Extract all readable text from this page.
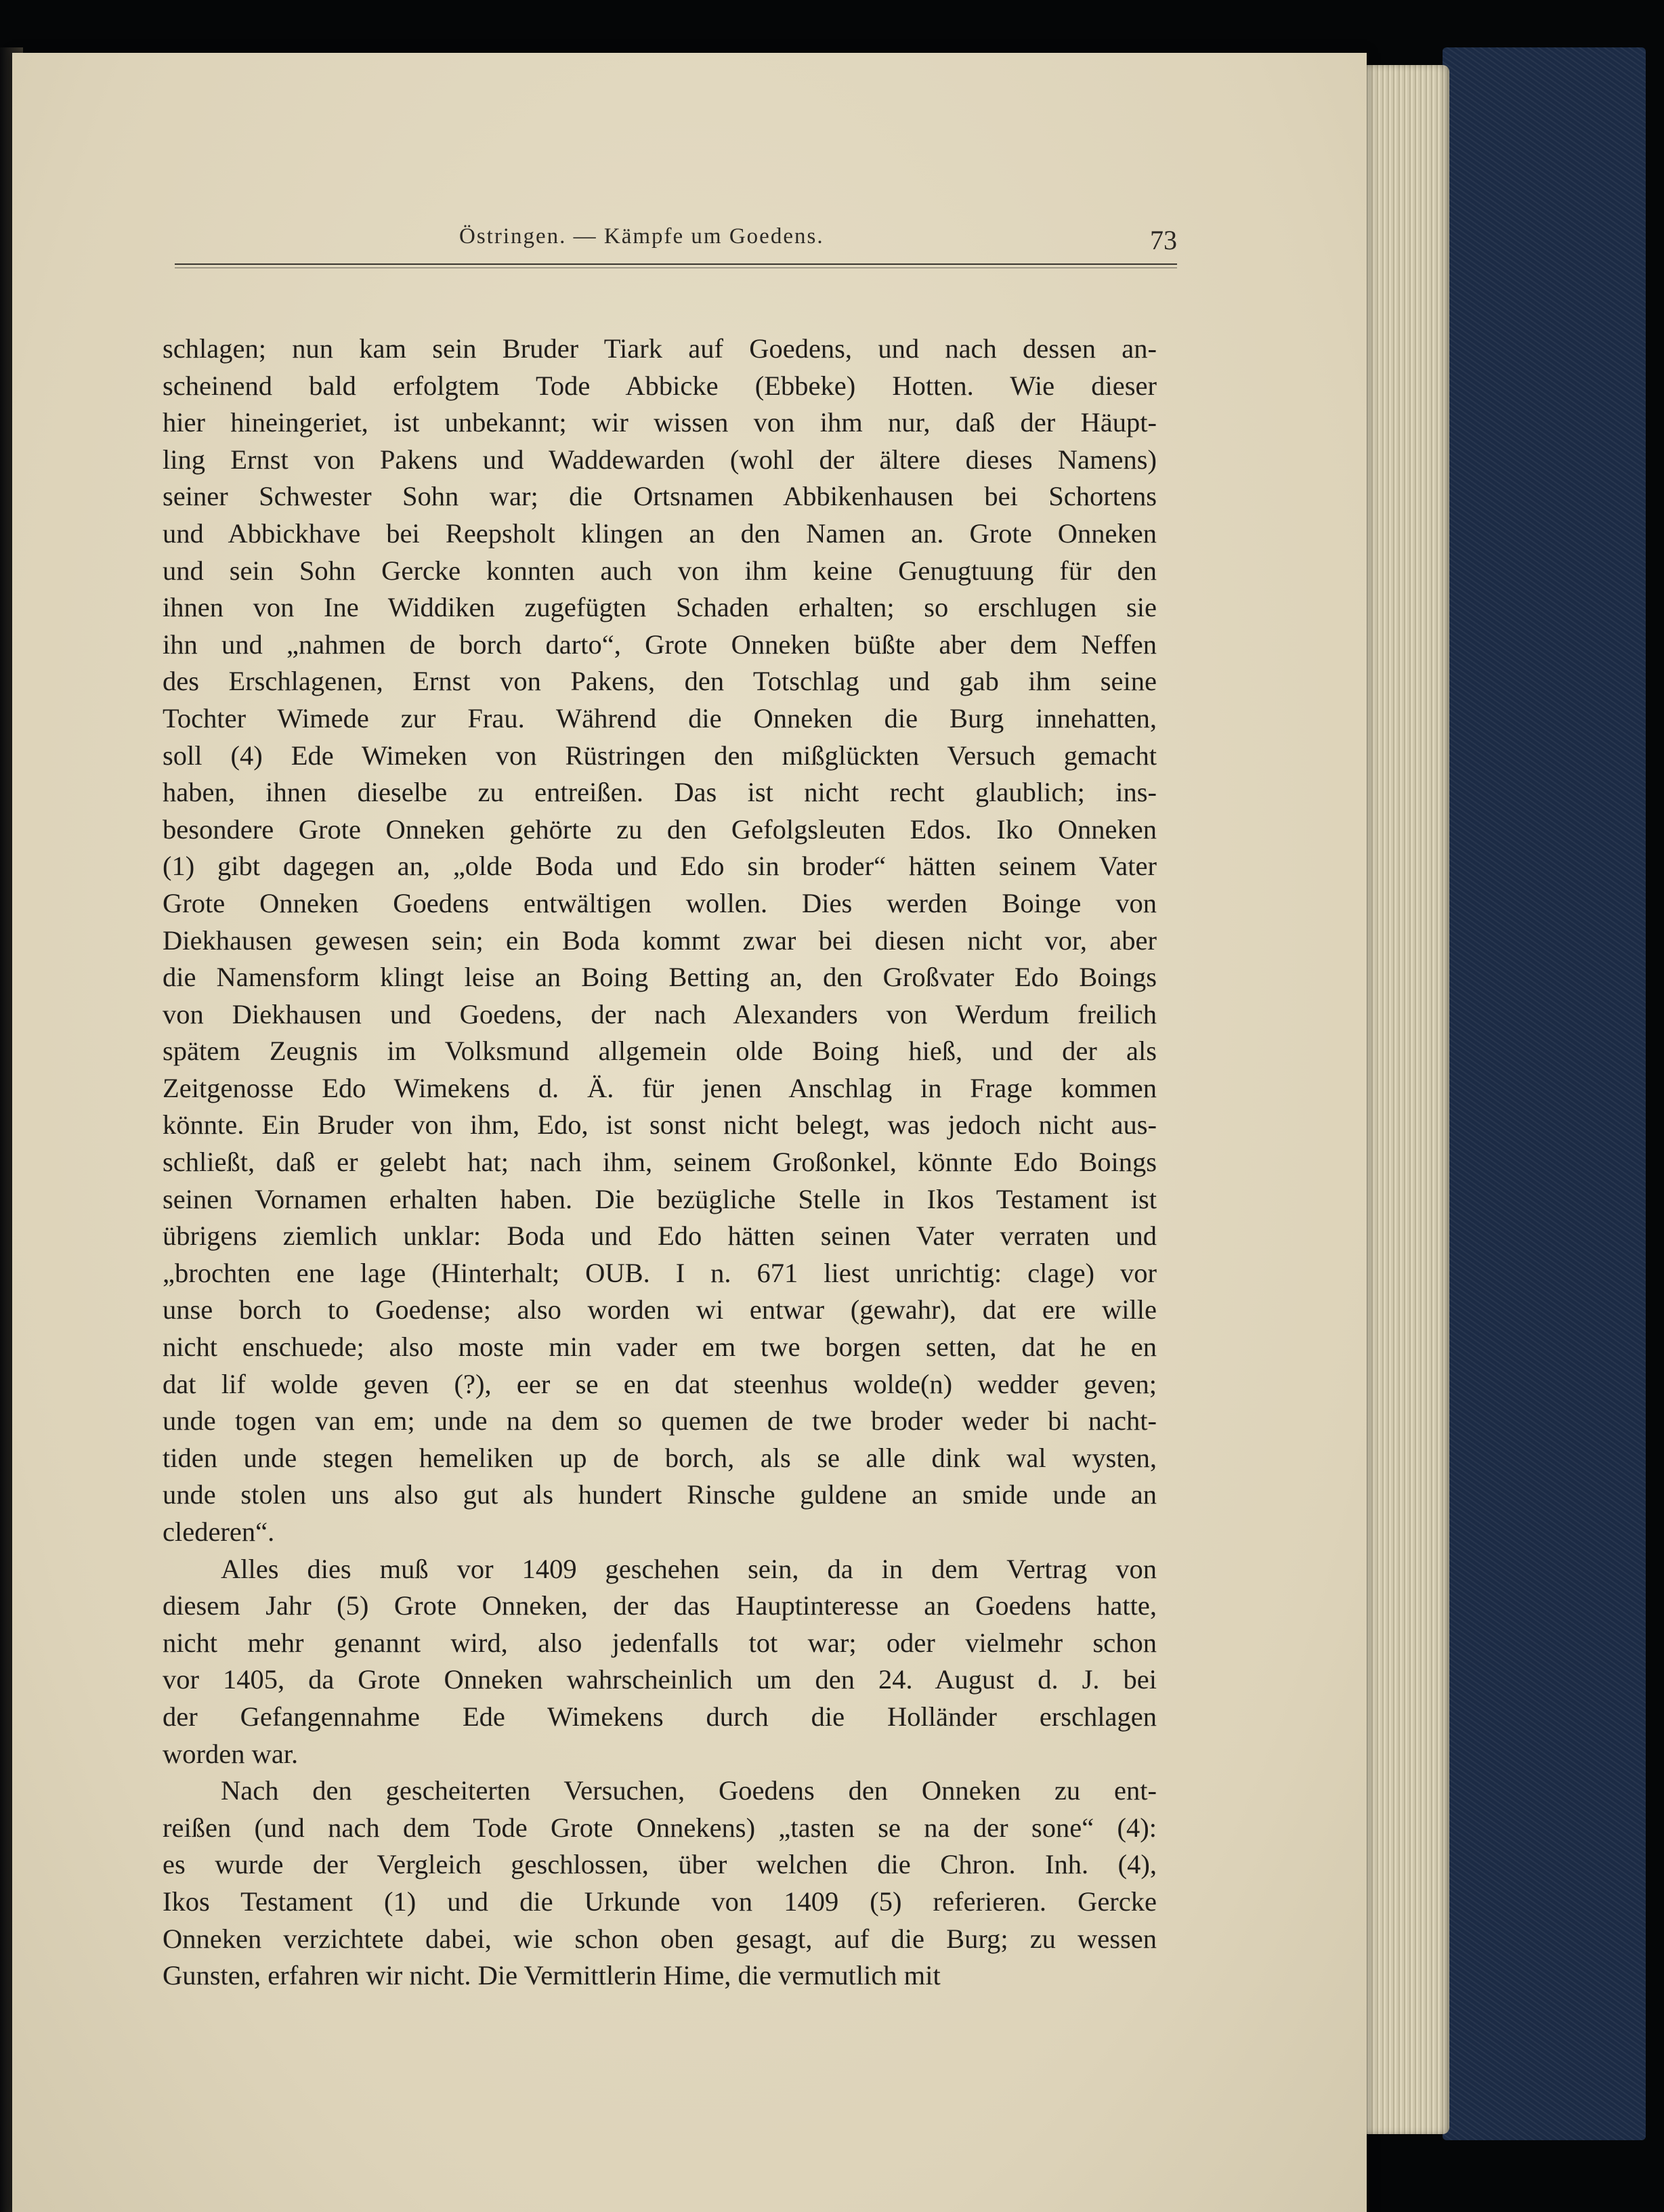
Östringen. — Kämpfe um Goedens.	73
schlagen; nun kam sein Bruder Tiark auf Goedens, und nach dessen an-
scheinend bald erfolgtem Tode Abbicke (Ebbeke) Hotten. Wie dieser
hier hineingeriet, ist unbekannt; wir wissen von ihm nur, daß der Häupt-
ling Ernst von Pakens und Waddewarden (wohl der ältere dieses Namens)
seiner Schwester Sohn war; die Ortsnamen Abbikenhausen bei Schortens
und Abbickhave bei Reepsholt klingen an den Namen an. Grote Onneken
und sein Sohn Gercke konnten auch von ihm keine Genugtuung für den
ihnen von Ine Widdiken zugefügten Schaden erhalten; so erschlugen sie
ihn und „nahmen de borch darto“, Grote Onneken büßte aber dem Neffen
des Erschlagenen, Ernst von Pakens, den Totschlag und gab ihm seine
Tochter Wimede zur Frau. Während die Onneken die Burg innehatten,
soll (4) Ede Wimeken von Rüstringen den mißglückten Versuch gemacht
haben, ihnen dieselbe zu entreißen. Das ist nicht recht glaublich; ins-
besondere Grote Onneken gehörte zu den Gefolgsleuten Edos. Iko Onneken
(1) gibt dagegen an, „olde Boda und Edo sin broder“ hätten seinem Vater
Grote Onneken Goedens entwältigen wollen. Dies werden Boinge von
Diekhausen gewesen sein; ein Boda kommt zwar bei diesen nicht vor, aber
die Namensform klingt leise an Boing Betting an, den Großvater Edo Boings
von Diekhausen und Goedens, der nach Alexanders von Werdum freilich
spätem Zeugnis im Volksmund allgemein olde Boing hieß, und der als
Zeitgenosse Edo Wimekens d. Ä. für jenen Anschlag in Frage kommen
könnte. Ein Bruder von ihm, Edo, ist sonst nicht belegt, was jedoch nicht aus-
schließt, daß er gelebt hat; nach ihm, seinem Großonkel, könnte Edo Boings
seinen Vornamen erhalten haben. Die bezügliche Stelle in Ikos Testament ist
übrigens ziemlich unklar: Boda und Edo hätten seinen Vater verraten und
„brochten ene lage (Hinterhalt; OUB. I n. 671 liest unrichtig: clage) vor
unse borch to Goedense; also worden wi entwar (gewahr), dat ere wille
nicht enschuede; also moste min vader em twe borgen setten, dat he en
dat lif wolde geven (?), eer se en dat steenhus wolde(n) wedder geven;
unde togen van em; unde na dem so quemen de twe broder weder bi nacht-
tiden unde stegen hemeliken up de borch, als se alle dink wal wysten,
unde stolen uns also gut als hundert Rinsche guldene an smide unde an
clederen“.
Alles dies muß vor 1409 geschehen sein, da in dem Vertrag von
diesem Jahr (5) Grote Onneken, der das Hauptinteresse an Goedens hatte,
nicht mehr genannt wird, also jedenfalls tot war; oder vielmehr schon
vor 1405, da Grote Onneken wahrscheinlich um den 24. August d. J. bei
der Gefangennahme Ede Wimekens durch die Holländer erschlagen
worden war.
Nach den gescheiterten Versuchen, Goedens den Onneken zu ent-
reißen (und nach dem Tode Grote Onnekens) „tasten se na der sone“ (4):
es wurde der Vergleich geschlossen, über welchen die Chron. Inh. (4),
Ikos Testament (1) und die Urkunde von 1409 (5) referieren. Gercke
Onneken verzichtete dabei, wie schon oben gesagt, auf die Burg; zu wessen
Gunsten, erfahren wir nicht. Die Vermittlerin Hime, die vermutlich mit
